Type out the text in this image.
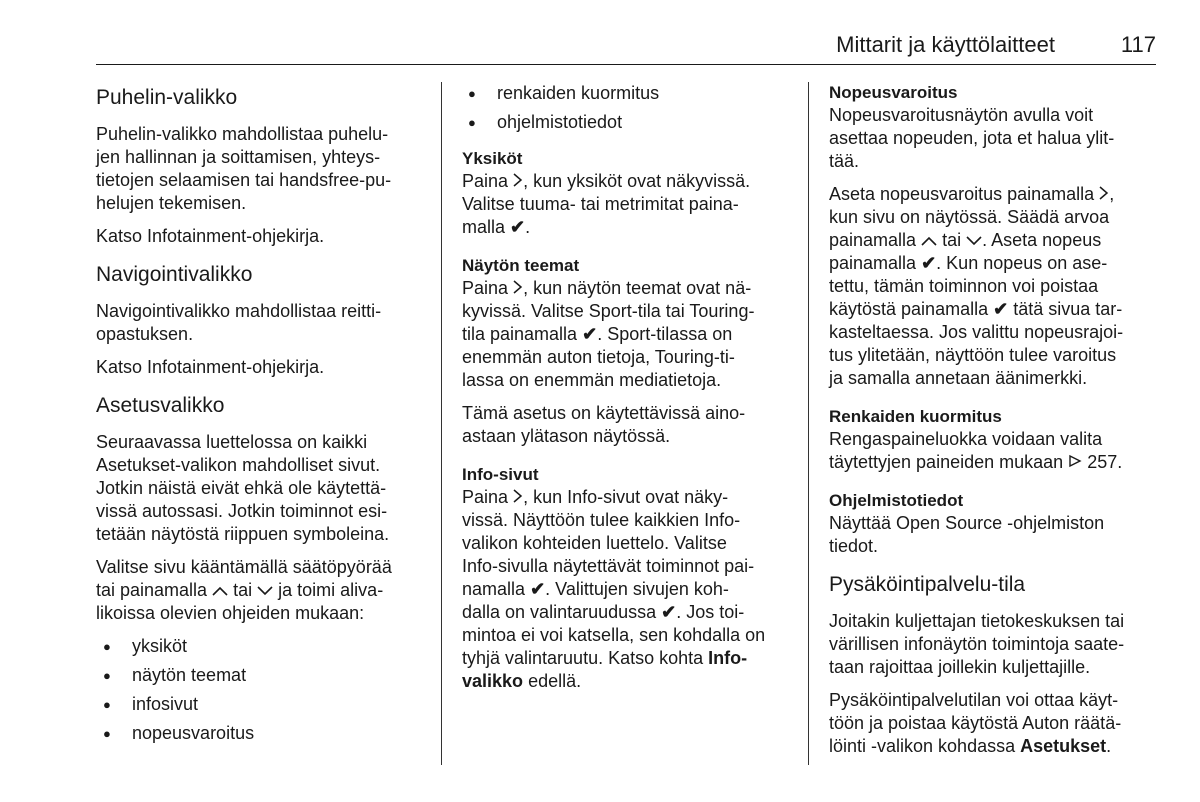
Mittarit ja käyttölaitteet	117
Puhelin-valikko

Puhelin-valikko mahdollistaa puhelu-
jen hallinnan ja soittamisen, yhteys-
tietojen selaamisen tai handsfree-pu-
helujen tekemisen.

Katso Infotainment-ohjekirja.

Navigointivalikko

Navigointivalikko mahdollistaa reitti-
opastuksen.

Katso Infotainment-ohjekirja.

Asetusvalikko

Seuraavassa luettelossa on kaikki
Asetukset-valikon mahdolliset sivut.
Jotkin näistä eivät ehkä ole käytettä-
vissä autossasi. Jotkin toiminnot esi-
tetään näytöstä riippuen symboleina.

Valitse sivu kääntämällä säätöpyörää
tai painamalla tai ja toimi aliva-
likoissa olevien ohjeiden mukaan:

● yksiköt
● näytön teemat
● infosivut
● nopeusvaroitus
● renkaiden kuormitus
● ohjelmistotiedot
Yksiköt

Paina , kun yksiköt ovat näkyvissä.
Valitse tuuma- tai metrimitat paina-
malla ✔.

Näytön teemat

Paina , kun näytön teemat ovat nä-
kyvissä. Valitse Sport-tila tai Touring-
tila painamalla ✔. Sport-tilassa on
enemmän auton tietoja, Touring-ti-
lassa on enemmän mediatietoja.

Tämä asetus on käytettävissä aino-
astaan ylätason näytössä.

Info-sivut

Paina , kun Info-sivut ovat näky-
vissä. Näyttöön tulee kaikkien Info-
valikon kohteiden luettelo. Valitse
Info-sivulla näytettävät toiminnot pai-
namalla ✔. Valittujen sivujen koh-
dalla on valintaruudussa ✔. Jos toi-
mintoa ei voi katsella, sen kohdalla on
tyhjä valintaruutu. Katso kohta Info-
valikko edellä.

Nopeusvaroitus

Nopeusvaroitusnäytön avulla voit
asettaa nopeuden, jota et halua ylit-
tää.

Aseta nopeusvaroitus painamalla ,
kun sivu on näytössä. Säädä arvoa
painamalla tai . Aseta nopeus
painamalla ✔. Kun nopeus on ase-
tettu, tämän toiminnon voi poistaa
käytöstä painamalla ✔ tätä sivua tar-
kasteltaessa. Jos valittu nopeusrajoi-
tus ylitetään, näyttöön tulee varoitus
ja samalla annetaan äänimerkki.

Renkaiden kuormitus

Rengaspaineluokka voidaan valita
täytettyjen paineiden mukaan 257.

Ohjelmistotiedot

Näyttää Open Source -ohjelmiston
tiedot.

Pysäköintipalvelu-tila

Joitakin kuljettajan tietokeskuksen tai
värillisen infonäytön toimintoja saate-
taan rajoittaa joillekin kuljettajille.

Pysäköintipalvelutilan voi ottaa käyt-
töön ja poistaa käytöstä Auton räätä-
löinti -valikon kohdassa Asetukset.
